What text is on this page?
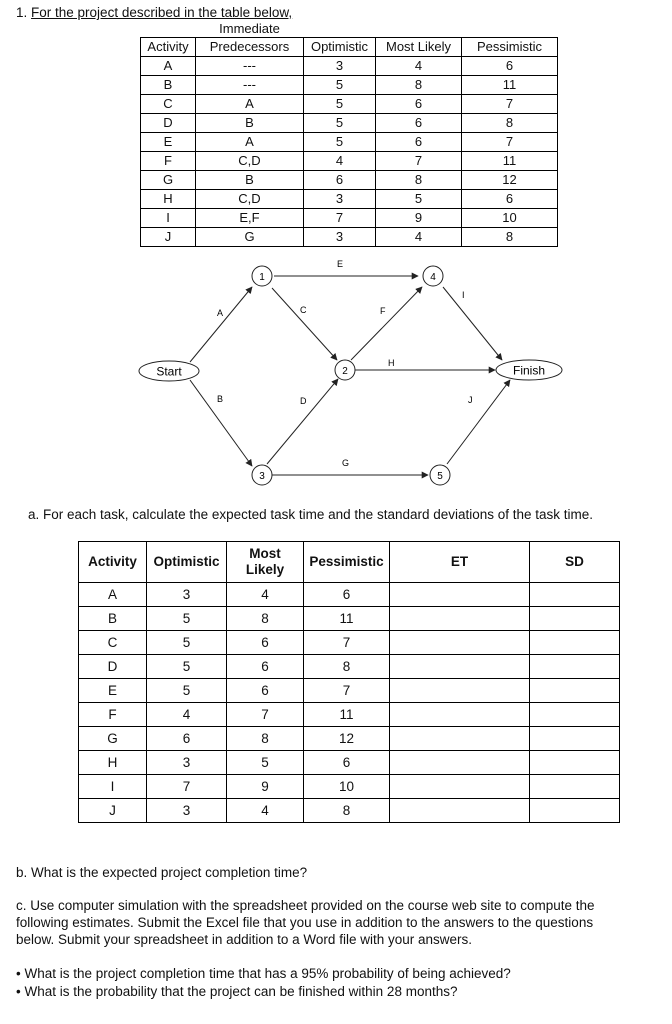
1. For the project described in the table below,
	Immediate			
Activity	Predecessors	Optimistic	Most Likely	Pessimistic
A	---	3	4	6
B	---	5	8	11
C	A	5	6	7
D	B	5	6	8
E	A	5	6	7
F	C,D	4	7	11
G	B	6	8	12
H	C,D	3	5	6
I	E,F	7	9	10
J	G	3	4	8
A
B
C
D
E
F
G
H
I
J
Start	Finish
1
2
3
4
5
a. For each task, calculate the expected task time and the standard deviations of the task time.
Activity	Optimistic	Most Likely	Pessimistic	ET	SD
A	3	4	6		
B	5	8	11		
C	5	6	7		
D	5	6	8		
E	5	6	7		
F	4	7	11		
G	6	8	12		
H	3	5	6		
I	7	9	10		
J	3	4	8		
b. What is the expected project completion time?
c. Use computer simulation with the spreadsheet provided on the course web site to compute the following estimates. Submit the Excel file that you use in addition to the answers to the questions below. Submit your spreadsheet in addition to a Word file with your answers.
• What is the project completion time that has a 95% probability of being achieved?
• What is the probability that the project can be finished within 28 months?
